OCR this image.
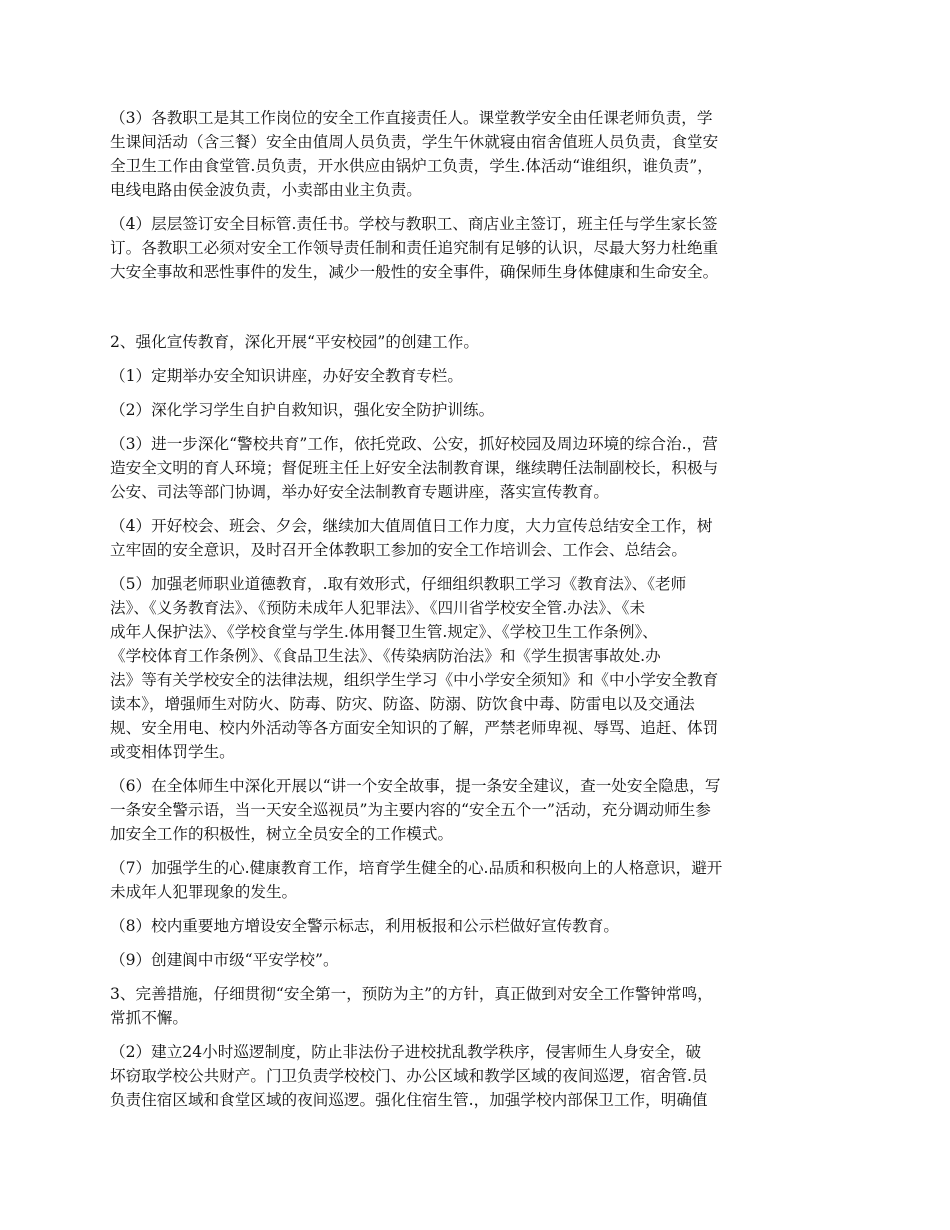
（3）各教职工是其工作岗位的安全工作直接责任人。课堂教学安全由任课老师负责，学
生课间活动（含三餐）安全由值周人员负责，学生午休就寝由宿舍值班人员负责，食堂安
全卫生工作由食堂管.员负责，开水供应由锅炉工负责，学生.体活动“谁组织，谁负责”，
电线电路由侯金波负责，小卖部由业主负责。

（4）层层签订安全目标管.责任书。学校与教职工、商店业主签订，班主任与学生家长签
订。各教职工必须对安全工作领导责任制和责任追究制有足够的认识，尽最大努力杜绝重
大安全事故和恶性事件的发生，减少一般性的安全事件，确保师生身体健康和生命安全。

2、强化宣传教育，深化开展“平安校园”的创建工作。

（1）定期举办安全知识讲座，办好安全教育专栏。

（2）深化学习学生自护自救知识，强化安全防护训练。

（3）进一步深化“警校共育”工作，依托党政、公安，抓好校园及周边环境的综合治.，营
造安全文明的育人环境；督促班主任上好安全法制教育课，继续聘任法制副校长，积极与
公安、司法等部门协调，举办好安全法制教育专题讲座，落实宣传教育。

（4）开好校会、班会、夕会，继续加大值周值日工作力度，大力宣传总结安全工作，树
立牢固的安全意识，及时召开全体教职工参加的安全工作培训会、工作会、总结会。

（5）加强老师职业道德教育，.取有效形式，仔细组织教职工学习《教育法》、《老师
法》、《义务教育法》、《预防未成年人犯罪法》、《四川省学校安全管.办法》、《未
成年人保护法》、《学校食堂与学生.体用餐卫生管.规定》、《学校卫生工作条例》、
《学校体育工作条例》、《食品卫生法》、《传染病防治法》和《学生损害事故处.办
法》等有关学校安全的法律法规，组织学生学习《中小学安全须知》和《中小学安全教育
读本》，增强师生对防火、防毒、防灾、防盗、防溺、防饮食中毒、防雷电以及交通法
规、安全用电、校内外活动等各方面安全知识的了解，严禁老师卑视、辱骂、追赶、体罚
或变相体罚学生。

（6）在全体师生中深化开展以“讲一个安全故事，提一条安全建议，查一处安全隐患，写
一条安全警示语，当一天安全巡视员”为主要内容的“安全五个一”活动，充分调动师生参
加安全工作的积极性，树立全员安全的工作模式。

（7）加强学生的心.健康教育工作，培育学生健全的心.品质和积极向上的人格意识，避开
未成年人犯罪现象的发生。

（8）校内重要地方增设安全警示标志，利用板报和公示栏做好宣传教育。

（9）创建阆中市级“平安学校”。

3、完善措施，仔细贯彻“安全第一，预防为主”的方针，真正做到对安全工作警钟常鸣，
常抓不懈。

（2）建立24小时巡逻制度，防止非法份子进校扰乱教学秩序，侵害师生人身安全，破
坏窃取学校公共财产。门卫负责学校校门、办公区域和教学区域的夜间巡逻，宿舍管.员
负责住宿区域和食堂区域的夜间巡逻。强化住宿生管.，加强学校内部保卫工作，明确值
